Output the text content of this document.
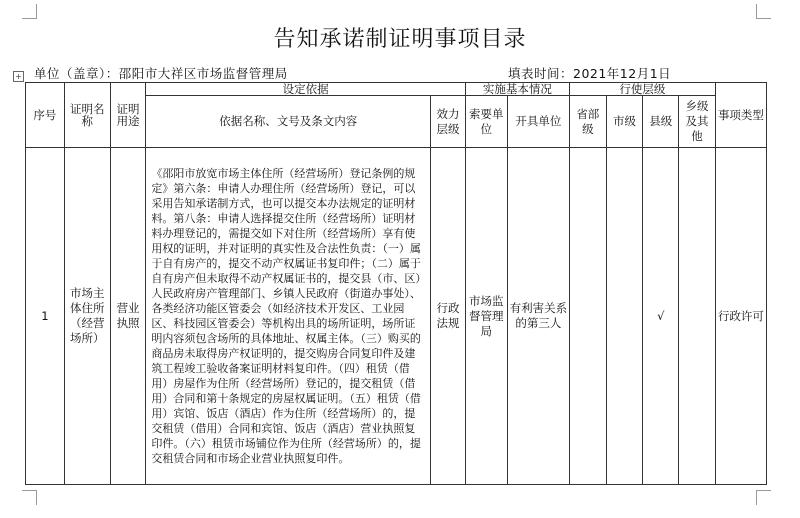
告知承诺制证明事项目录
+ 单位（盖章）：邵阳市大祥区市场监督管理局	填表时间：2021年12月1日
序号	证明名称	证明用途	设定依据		实施基本情况		行使层级				事项类型
			依据名称、文号及条文内容	效力层级	索要单位	开具单位	省部级	市级	县级	乡级及其他	
1	市场主体住所（经营场所）	营业执照	《邵阳市放宽市场主体住所（经营场所）登记条例的规定》第六条：申请人办理住所（经营场所）登记，可以采用告知承诺制方式，也可以提交本办法规定的证明材料。第八条：申请人选择提交住所（经营场所）证明材料办理登记的，需提交如下对住所（经营场所）享有使用权的证明，并对证明的真实性及合法性负责：（一）属于自有房产的，提交不动产权属证书复印件；（二）属于自有房产但未取得不动产权属证书的，提交县（市、区）人民政府房产管理部门、乡镇人民政府（街道办事处）、各类经济功能区管委会（如经济技术开发区、工业园区、科技园区管委会）等机构出具的场所证明，场所证明内容须包含场所的具体地址、权属主体。（三）购买的商品房未取得房产权证明的，提交购房合同复印件及建筑工程竣工验收备案证明材料复印件。（四）租赁（借用）房屋作为住所（经营场所）登记的，提交租赁（借用）合同和第十条规定的房屋权属证明。（五）租赁（借用）宾馆、饭店（酒店）作为住所（经营场所）的，提交租赁（借用）合同和宾馆、饭店（酒店）营业执照复印件。（六）租赁市场铺位作为住所（经营场所）的，提交租赁合同和市场企业营业执照复印件。	行政法规	市场监督管理局	有利害关系的第三人			√		行政许可
